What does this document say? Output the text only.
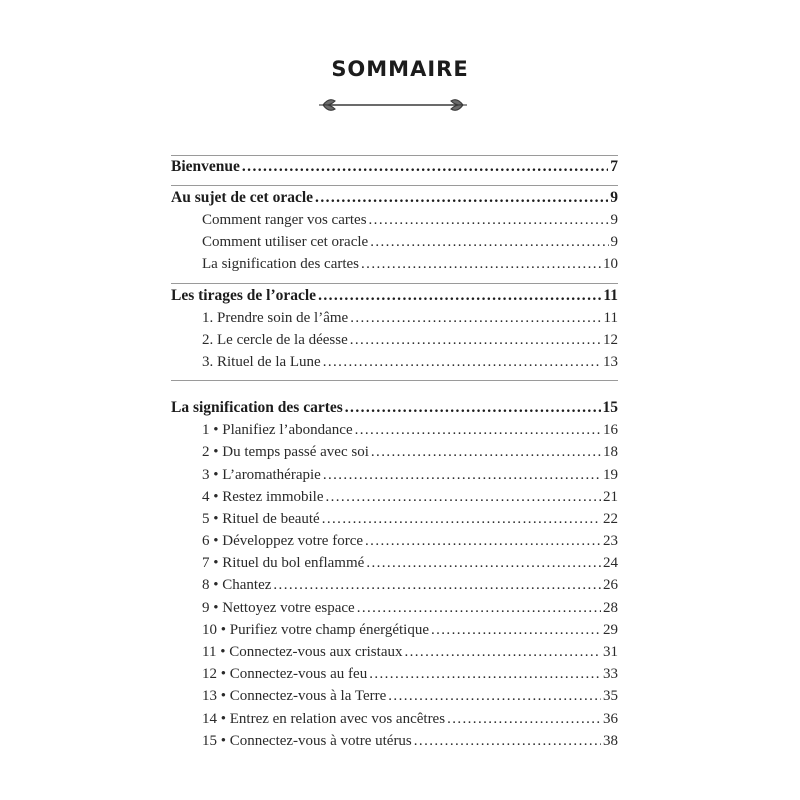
SOMMAIRE
Bienvenue .....	7
Au sujet de cet oracle .....	9
Comment ranger vos cartes .....	9
Comment utiliser cet oracle .....	9
La signification des cartes .....	10
Les tirages de l’oracle .....	11
1. Prendre soin de l’âme .....	11
2. Le cercle de la déesse .....	12
3. Rituel de la Lune .....	13
La signification des cartes .....	15
1 • Planifiez l’abondance .....	16
2 • Du temps passé avec soi .....	18
3 • L’aromathérapie .....	19
4 • Restez immobile .....	21
5 • Rituel de beauté .....	22
6 • Développez votre force .....	23
7 • Rituel du bol enflammé .....	24
8 • Chantez .....	26
9 • Nettoyez votre espace .....	28
10 • Purifiez votre champ énergétique .....	29
11 • Connectez-vous aux cristaux .....	31
12 • Connectez-vous au feu .....	33
13 • Connectez-vous à la Terre .....	35
14 • Entrez en relation avec vos ancêtres .....	36
15 • Connectez-vous à votre utérus .....	38
